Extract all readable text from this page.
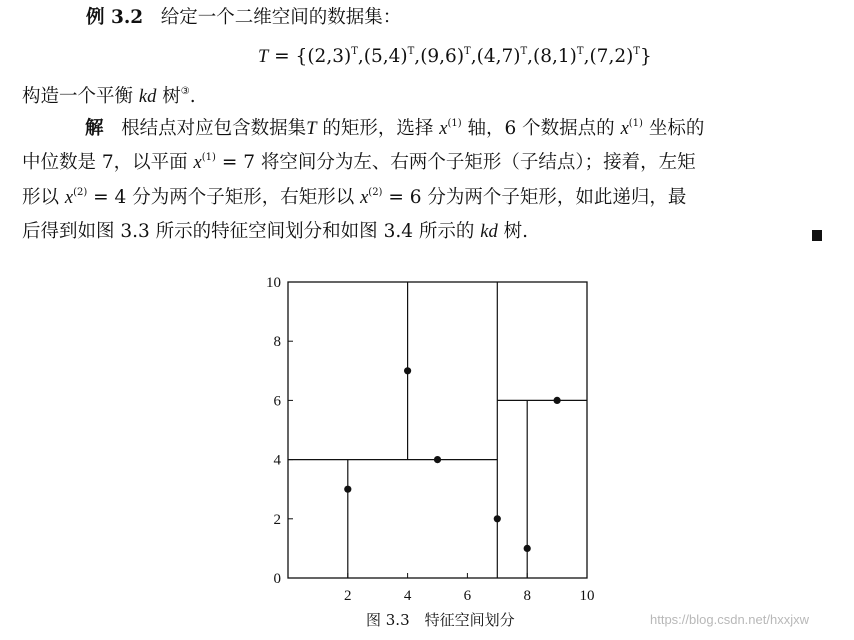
例 3.2 给定一个二维空间的数据集：
$T = \{(2,3)^T,(5,4)^T,(9,6)^T,(4,7)^T,(8,1)^T,(7,2)^T\}$
构造一个平衡 kd 树③.
解 根结点对应包含数据集T 的矩形，选择 $x^{(1)}$ 轴，6 个数据点的 $x^{(1)}$ 坐标的
中位数是 7，以平面 $x^{(1)} = 7$ 将空间分为左、右两个子矩形（子结点）；接着，左矩
形以 $x^{(2)} = 4$ 分为两个子矩形，右矩形以 $x^{(2)} = 6$ 分为两个子矩形，如此递归，最
后得到如图 3.3 所示的特征空间划分和如图 3.4 所示的 kd 树.
2	4	6	8	10
0
2
4
6
8
10
图 3.3　特征空间划分	https://blog.csdn.net/hxxjxw
